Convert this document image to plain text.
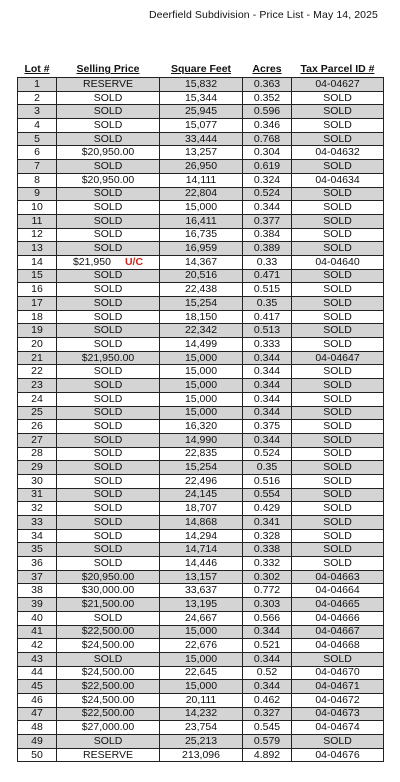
Deerfield Subdivision - Price List - May 14, 2025
Lot #	Selling Price	Square Feet	Acres	Tax Parcel ID #
1	RESERVE	15,832	0.363	04-04627
2	SOLD	15,344	0.352	SOLD
3	SOLD	25,945	0.596	SOLD
4	SOLD	15,077	0.346	SOLD
5	SOLD	33,444	0.768	SOLD
6	$20,950.00	13,257	0.304	04-04632
7	SOLD	26,950	0.619	SOLD
8	$20,950.00	14,111	0.324	04-04634
9	SOLD	22,804	0.524	SOLD
10	SOLD	15,000	0.344	SOLD
11	SOLD	16,411	0.377	SOLD
12	SOLD	16,735	0.384	SOLD
13	SOLD	16,959	0.389	SOLD
14	$21,950 U/C	14,367	0.33	04-04640
15	SOLD	20,516	0.471	SOLD
16	SOLD	22,438	0.515	SOLD
17	SOLD	15,254	0.35	SOLD
18	SOLD	18,150	0.417	SOLD
19	SOLD	22,342	0.513	SOLD
20	SOLD	14,499	0.333	SOLD
21	$21,950.00	15,000	0.344	04-04647
22	SOLD	15,000	0.344	SOLD
23	SOLD	15,000	0.344	SOLD
24	SOLD	15,000	0.344	SOLD
25	SOLD	15,000	0.344	SOLD
26	SOLD	16,320	0.375	SOLD
27	SOLD	14,990	0.344	SOLD
28	SOLD	22,835	0.524	SOLD
29	SOLD	15,254	0.35	SOLD
30	SOLD	22,496	0.516	SOLD
31	SOLD	24,145	0.554	SOLD
32	SOLD	18,707	0.429	SOLD
33	SOLD	14,868	0.341	SOLD
34	SOLD	14,294	0.328	SOLD
35	SOLD	14,714	0.338	SOLD
36	SOLD	14,446	0.332	SOLD
37	$20,950.00	13,157	0.302	04-04663
38	$30,000.00	33,637	0.772	04-04664
39	$21,500.00	13,195	0.303	04-04665
40	SOLD	24,667	0.566	04-04666
41	$22,500.00	15,000	0.344	04-04667
42	$24,500.00	22,676	0.521	04-04668
43	SOLD	15,000	0.344	SOLD
44	$24,500.00	22,645	0.52	04-04670
45	$22,500.00	15,000	0.344	04-04671
46	$24,500.00	20,111	0.462	04-04672
47	$22,500.00	14,232	0.327	04-04673
48	$27,000.00	23,754	0.545	04-04674
49	SOLD	25,213	0.579	SOLD
50	RESERVE	213,096	4.892	04-04676
